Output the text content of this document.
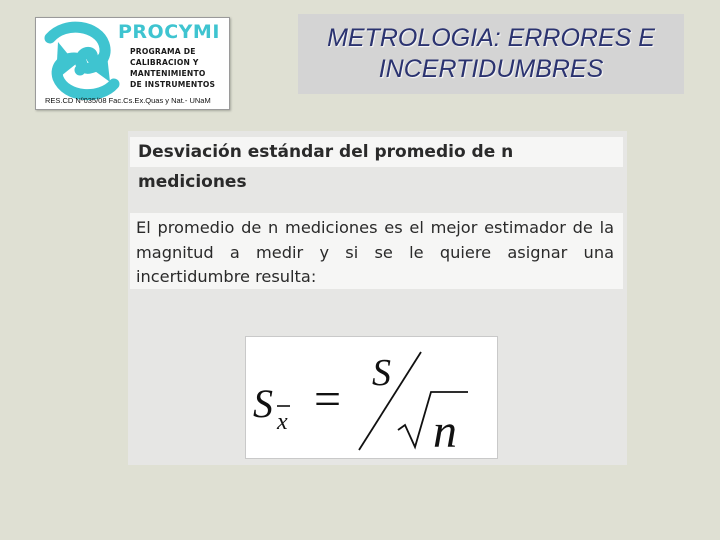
PROCYMI
PROGRAMA DE
CALIBRACION Y
MANTENIMIENTO
DE INSTRUMENTOS
RES.CD Nº035/08 Fac.Cs.Ex.Quas y Nat.- UNaM
METROLOGIA: ERRORES E
INCERTIDUMBRES
Desviación estándar del promedio de n mediciones
El promedio de n mediciones es el mejor estimador de la magnitud a medir y si se le quiere asignar una incertidumbre resulta:
S x = S
n
